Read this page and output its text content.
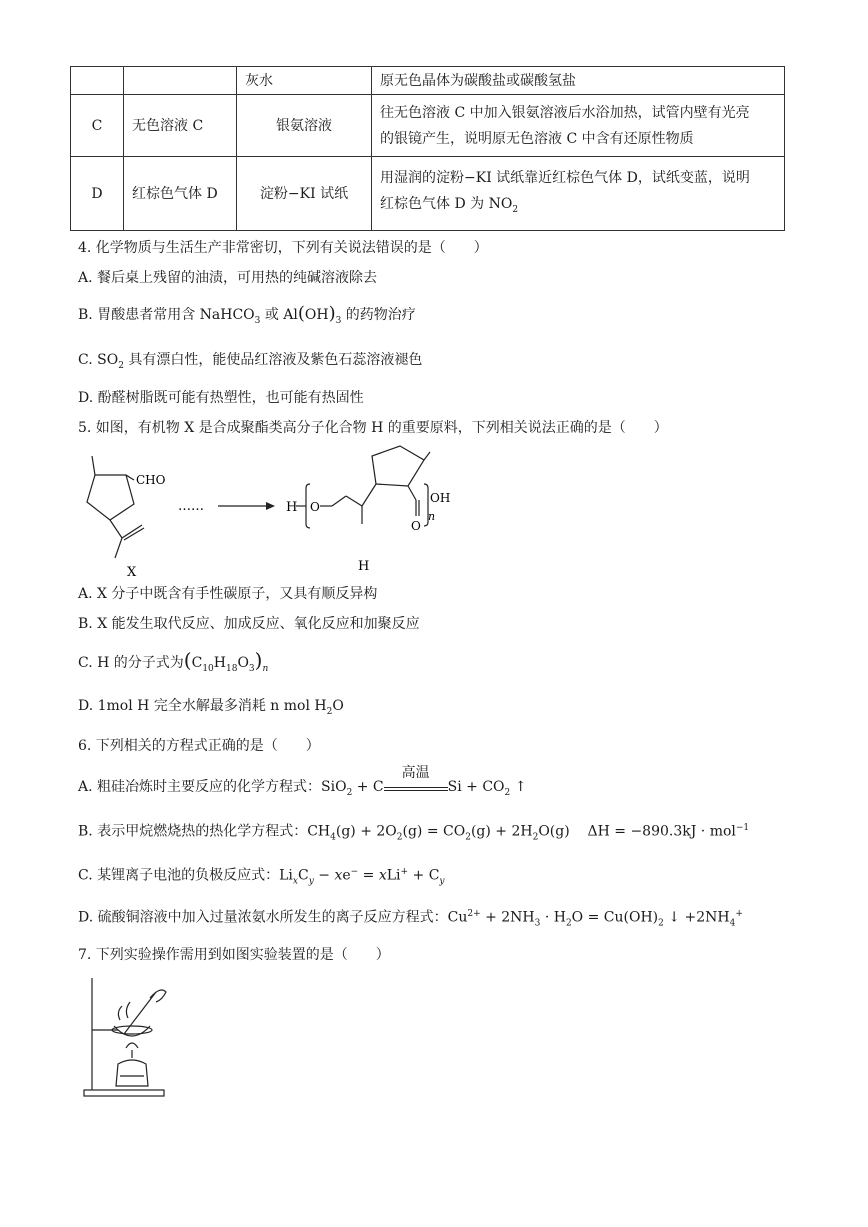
		灰水	原无色晶体为碳酸盐或碳酸氢盐
C	无色溶液 C	银氨溶液	往无色溶液 C 中加入银氨溶液后水浴加热，试管内壁有光亮
的银镜产生，说明原无色溶液 C 中含有还原性物质

D	红棕色气体 D	淀粉−KI 试纸	用湿润的淀粉−KI 试纸靠近红棕色气体 D，试纸变蓝，说明
红棕色气体 D 为 $NO_2$
4. 化学物质与生活生产非常密切，下列有关说法错误的是（　　）
A. 餐后桌上残留的油渍，可用热的纯碱溶液除去
B. 胃酸患者常用含 NaHCO$_3$ 或 $Al(OH)_3$ 的药物治疗
C. $SO_2$ 具有漂白性，能使品红溶液及紫色石蕊溶液褪色
D. 酚醛树脂既可能有热塑性，也可能有热固性
5. 如图，有机物 X 是合成聚酯类高分子化合物 H 的重要原料，下列相关说法正确的是（　　）
CHO
X
……	H O
O
OH
n
H
A. X 分子中既含有手性碳原子，又具有顺反异构
B. X 能发生取代反应、加成反应、氧化反应和加聚反应
C. H 的分子式为$(C_{10}H_{18}O_3)_n$
D. 1mol H 完全水解最多消耗 n mol $H_2O$
6. 下列相关的方程式正确的是（　　）
A. 粗硅冶炼时主要反应的化学方程式：SiO$_2$ + C
高温
$Si + CO_2$ ↑
B. 表示甲烷燃烧热的热化学方程式：$CH_4(g) + 2O_2(g) = CO_2(g) + 2H_2O(g)$    ΔH = −890.3kJ · mol$^{-1}$
C. 某锂离子电池的负极反应式：$Li_xC_y - xe^- = xLi^+ + C_y$
D. 硫酸铜溶液中加入过量浓氨水所发生的离子反应方程式：$Cu^{2+} + 2NH_3 \cdot H_2O = Cu(OH)_2$ ↓ $+2NH_4^+$
7. 下列实验操作需用到如图实验装置的是（　　）
